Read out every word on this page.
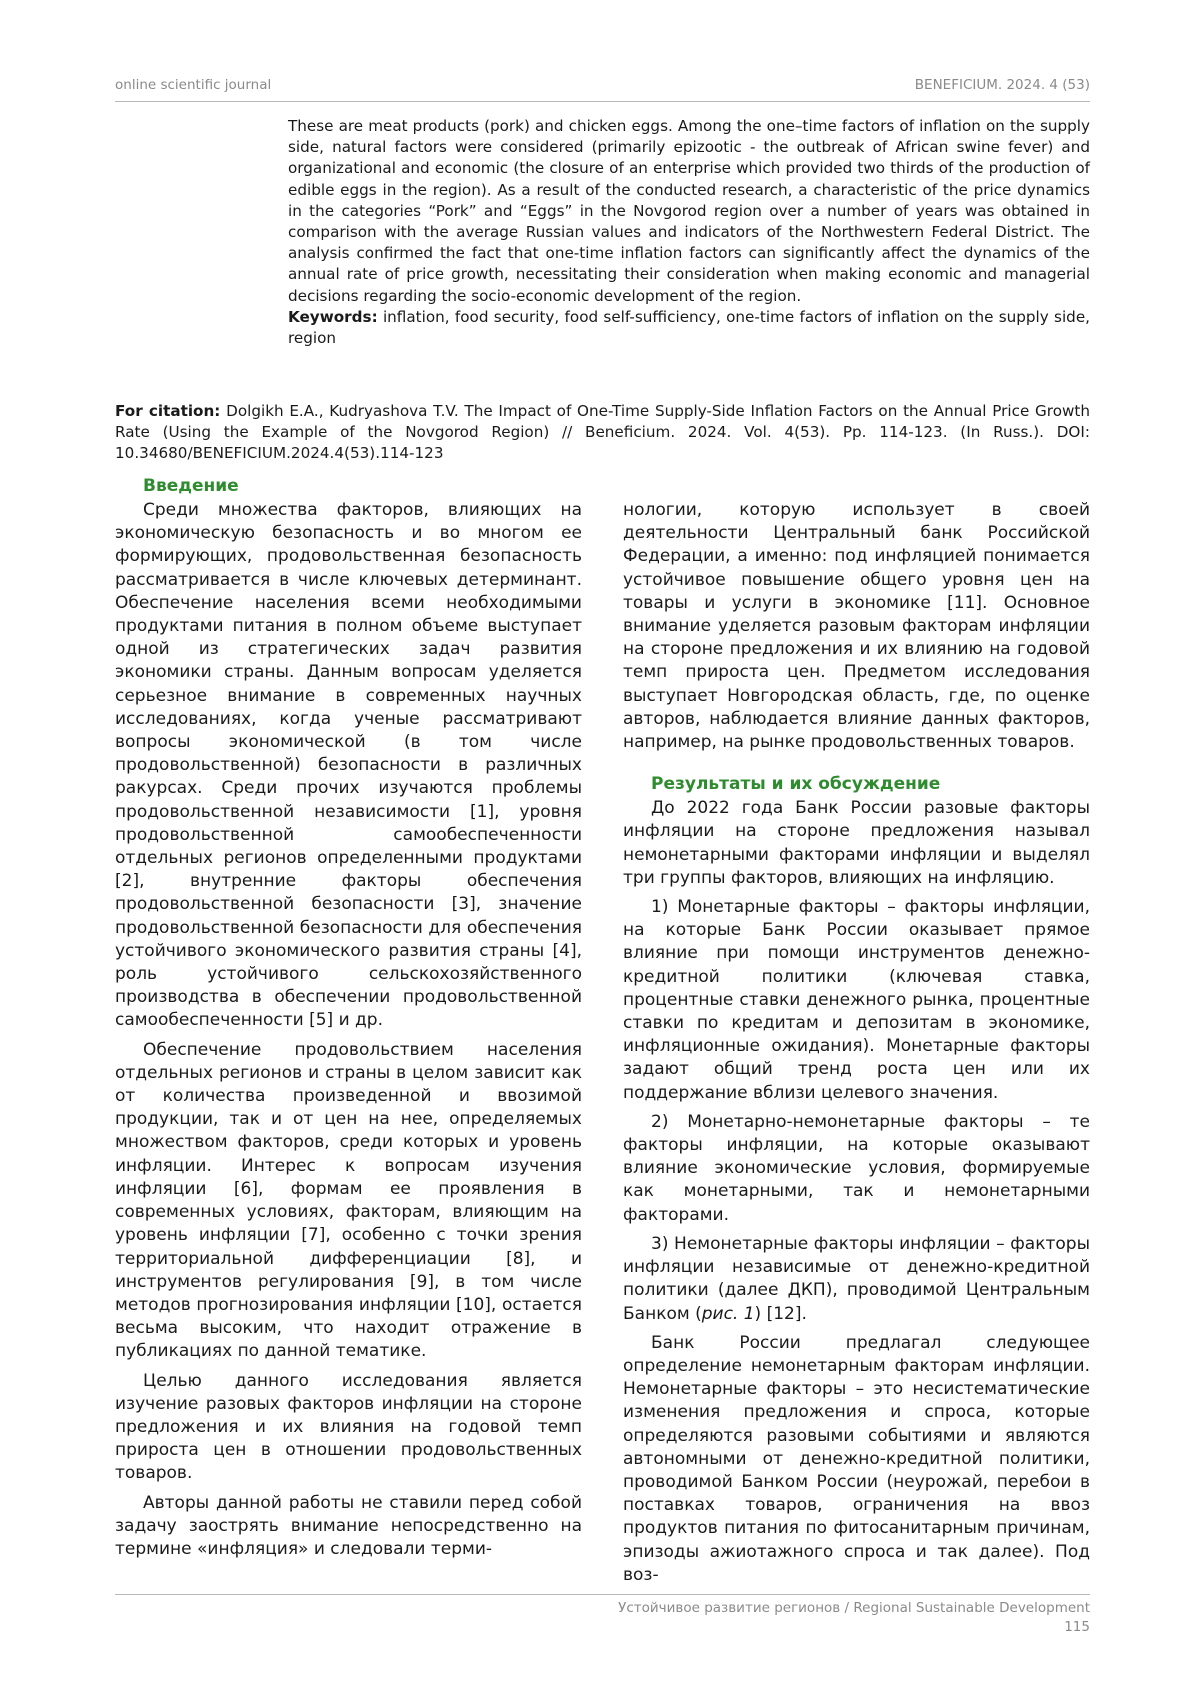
online scientific journal	BENEFICIUM. 2024. 4 (53)

These are meat products (pork) and chicken eggs. Among the one–time factors of inflation on the supply side, natural factors were considered (primarily epizootic - the outbreak of African swine fever) and organizational and economic (the closure of an enterprise which provided two thirds of the production of edible eggs in the region). As a result of the conducted research, a characteristic of the price dynamics in the categories “Pork” and “Eggs” in the Novgorod region over a number of years was obtained in comparison with the average Russian values and indicators of the Northwestern Federal District. The analysis confirmed the fact that one-time inflation factors can significantly affect the dynamics of the annual rate of price growth, necessitating their consideration when making economic and managerial decisions regarding the socio-economic development of the region.

Keywords: inflation, food security, food self-sufficiency, one-time factors of inflation on the supply side, region

For citation: Dolgikh E.A., Kudryashova T.V. The Impact of One-Time Supply-Side Inflation Factors on the Annual Price Growth Rate (Using the Example of the Novgorod Region) // Beneficium. 2024. Vol. 4(53). Pp. 114-123. (In Russ.). DOI: 10.34680/BENEFICIUM.2024.4(53).114-123
Введение

Среди множества факторов, влияющих на экономическую безопасность и во многом ее формирующих, продовольственная безопасность рассматривается в числе ключевых детерминант. Обеспечение населения всеми необходимыми продуктами питания в полном объеме выступает одной из стратегических задач развития экономики страны. Данным вопросам уделяется серьезное внимание в современных научных исследованиях, когда ученые рассматривают вопросы экономической (в том числе продовольственной) безопасности в различных ракурсах. Среди прочих изучаются проблемы продовольственной независимости [1], уровня продовольственной самообеспеченности отдельных регионов определенными продуктами [2], внутренние факторы обеспечения продовольственной безопасности [3], значение продовольственной безопасности для обеспечения устойчивого экономического развития страны [4], роль устойчивого сельскохозяйственного производства в обеспечении продовольственной самообеспеченности [5] и др.

Обеспечение продовольствием населения отдельных регионов и страны в целом зависит как от количества произведенной и ввозимой продукции, так и от цен на нее, определяемых множеством факторов, среди которых и уровень инфляции. Интерес к вопросам изучения инфляции [6], формам ее проявления в современных условиях, факторам, влияющим на уровень инфляции [7], особенно с точки зрения территориальной дифференциации [8], и инструментов регулирования [9], в том числе методов прогнозирования инфляции [10], остается весьма высоким, что находит отражение в публикациях по данной тематике.

Целью данного исследования является изучение разовых факторов инфляции на стороне предложения и их влияния на годовой темп прироста цен в отношении продовольственных товаров.

Авторы данной работы не ставили перед собой задачу заострять внимание непосредственно на термине «инфляция» и следовали терми-

нологии, которую использует в своей деятельности Центральный банк Российской Федерации, а именно: под инфляцией понимается устойчивое повышение общего уровня цен на товары и услуги в экономике [11]. Основное внимание уделяется разовым факторам инфляции на стороне предложения и их влиянию на годовой темп прироста цен. Предметом исследования выступает Новгородская область, где, по оценке авторов, наблюдается влияние данных факторов, например, на рынке продовольственных товаров.

Результаты и их обсуждение

До 2022 года Банк России разовые факторы инфляции на стороне предложения называл немонетарными факторами инфляции и выделял три группы факторов, влияющих на инфляцию.

1) Монетарные факторы – факторы инфляции, на которые Банк России оказывает прямое влияние при помощи инструментов денежно-кредитной политики (ключевая ставка, процентные ставки денежного рынка, процентные ставки по кредитам и депозитам в экономике, инфляционные ожидания). Монетарные факторы задают общий тренд роста цен или их поддержание вблизи целевого значения.

2) Монетарно-немонетарные факторы – те факторы инфляции, на которые оказывают влияние экономические условия, формируемые как монетарными, так и немонетарными факторами.

3) Немонетарные факторы инфляции – факторы инфляции независимые от денежно-кредитной политики (далее ДКП), проводимой Центральным Банком (рис. 1) [12].

Банк России предлагал следующее определение немонетарным факторам инфляции. Немонетарные факторы – это несистематические изменения предложения и спроса, которые определяются разовыми событиями и являются автономными от денежно-кредитной политики, проводимой Банком России (неурожай, перебои в поставках товаров, ограничения на ввоз продуктов питания по фитосанитарным причинам, эпизоды ажиотажного спроса и так далее). Под воз-

Устойчивое развитие регионов / Regional Sustainable Development
115
